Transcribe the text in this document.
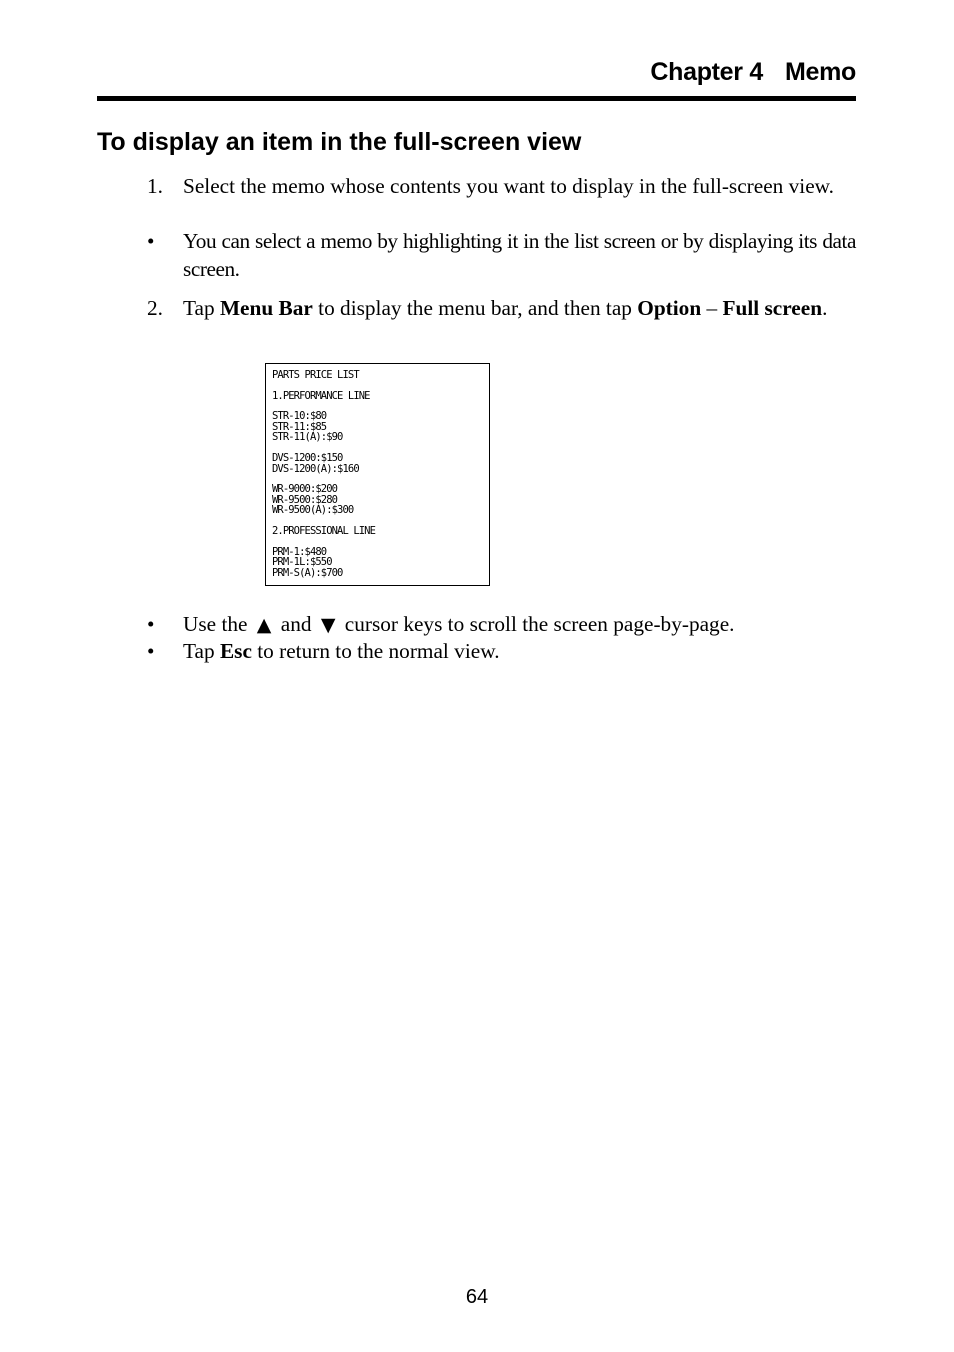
Chapter 4 Memo
To display an item in the full-screen view
1. Select the memo whose contents you want to display in the full-screen view.
• You can select a memo by highlighting it in the list screen or by displaying its data screen.
2. Tap Menu Bar to display the menu bar, and then tap Option – Full screen.
PARTS PRICE LIST
1.PERFORMANCE LINE
STR-10:$80
STR-11:$85
STR-11(A):$90
DVS-1200:$150
DVS-1200(A):$160
WR-9000:$200
WR-9500:$280
WR-9500(A):$300
2.PROFESSIONAL LINE
PRM-1:$480
PRM-1L:$550
PRM-S(A):$700
• Use the ▲ and ▼ cursor keys to scroll the screen page-by-page.
• Tap Esc to return to the normal view.
64
